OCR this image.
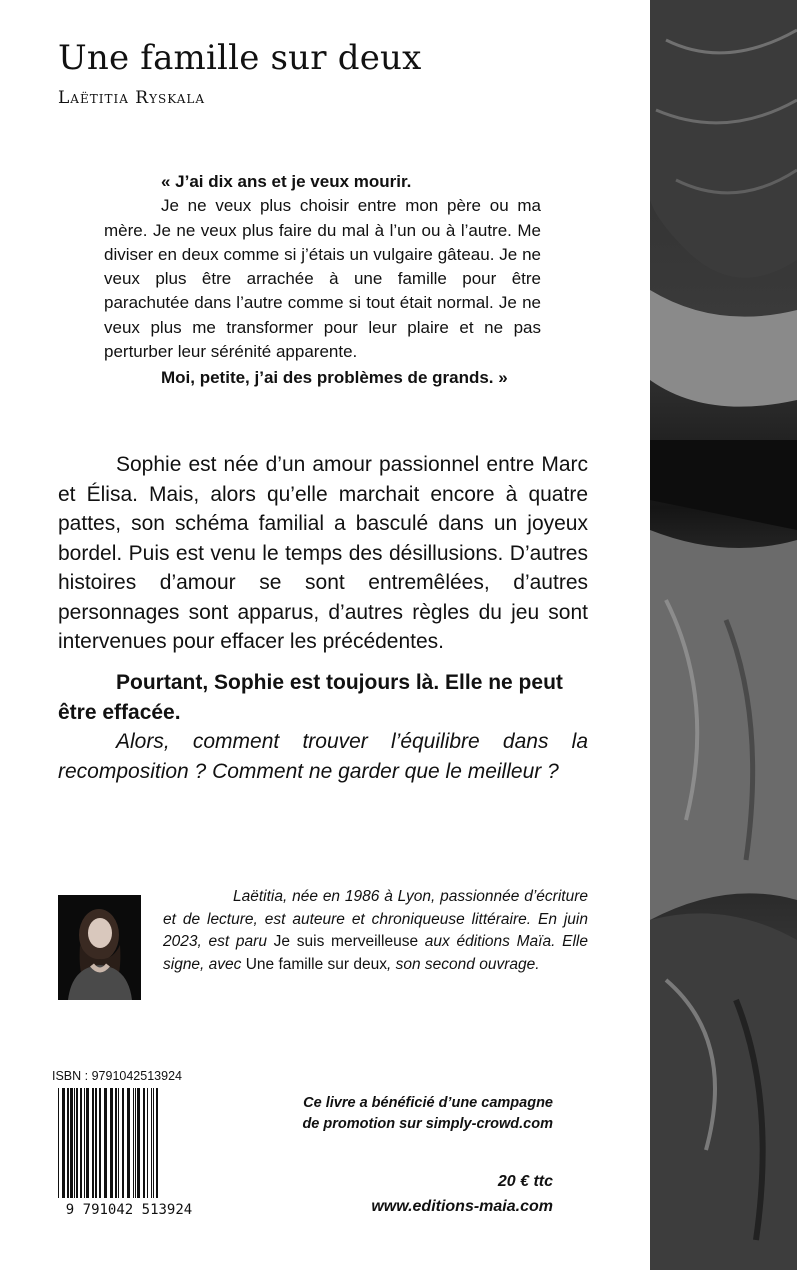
Une famille sur deux
Laëtitia Ryskala

« J’ai dix ans et je veux mourir.

Je ne veux plus choisir entre mon père ou ma mère. Je ne veux plus faire du mal à l’un ou à l’autre. Me diviser en deux comme si j’étais un vulgaire gâteau. Je ne veux plus être arrachée à une famille pour être parachutée dans l’autre comme si tout était normal. Je ne veux plus me transformer pour leur plaire et ne pas perturber leur sérénité apparente.

Moi, petite, j’ai des problèmes de grands. »

Sophie est née d’un amour passionnel entre Marc et Élisa. Mais, alors qu’elle marchait encore à quatre pattes, son schéma familial a basculé dans un joyeux bordel. Puis est venu le temps des désillusions. D’autres histoires d’amour se sont entremêlées, d’autres personnages sont apparus, d’autres règles du jeu sont intervenues pour effacer les précédentes.

Pourtant, Sophie est toujours là. Elle ne peut être effacée.

Alors, comment trouver l’équilibre dans la recomposition ? Comment ne garder que le meilleur ?

Laëtitia, née en 1986 à Lyon, passionnée d’écriture et de lecture, est auteure et chroniqueuse littéraire. En juin 2023, est paru Je suis merveilleuse aux éditions Maïa. Elle signe, avec Une famille sur deux, son second ouvrage.

ISBN : 9791042513924
9 791042 513924

Ce livre a bénéficié d’une campagne
de promotion sur simply-crowd.com

20 € ttc
www.editions-maia.com
